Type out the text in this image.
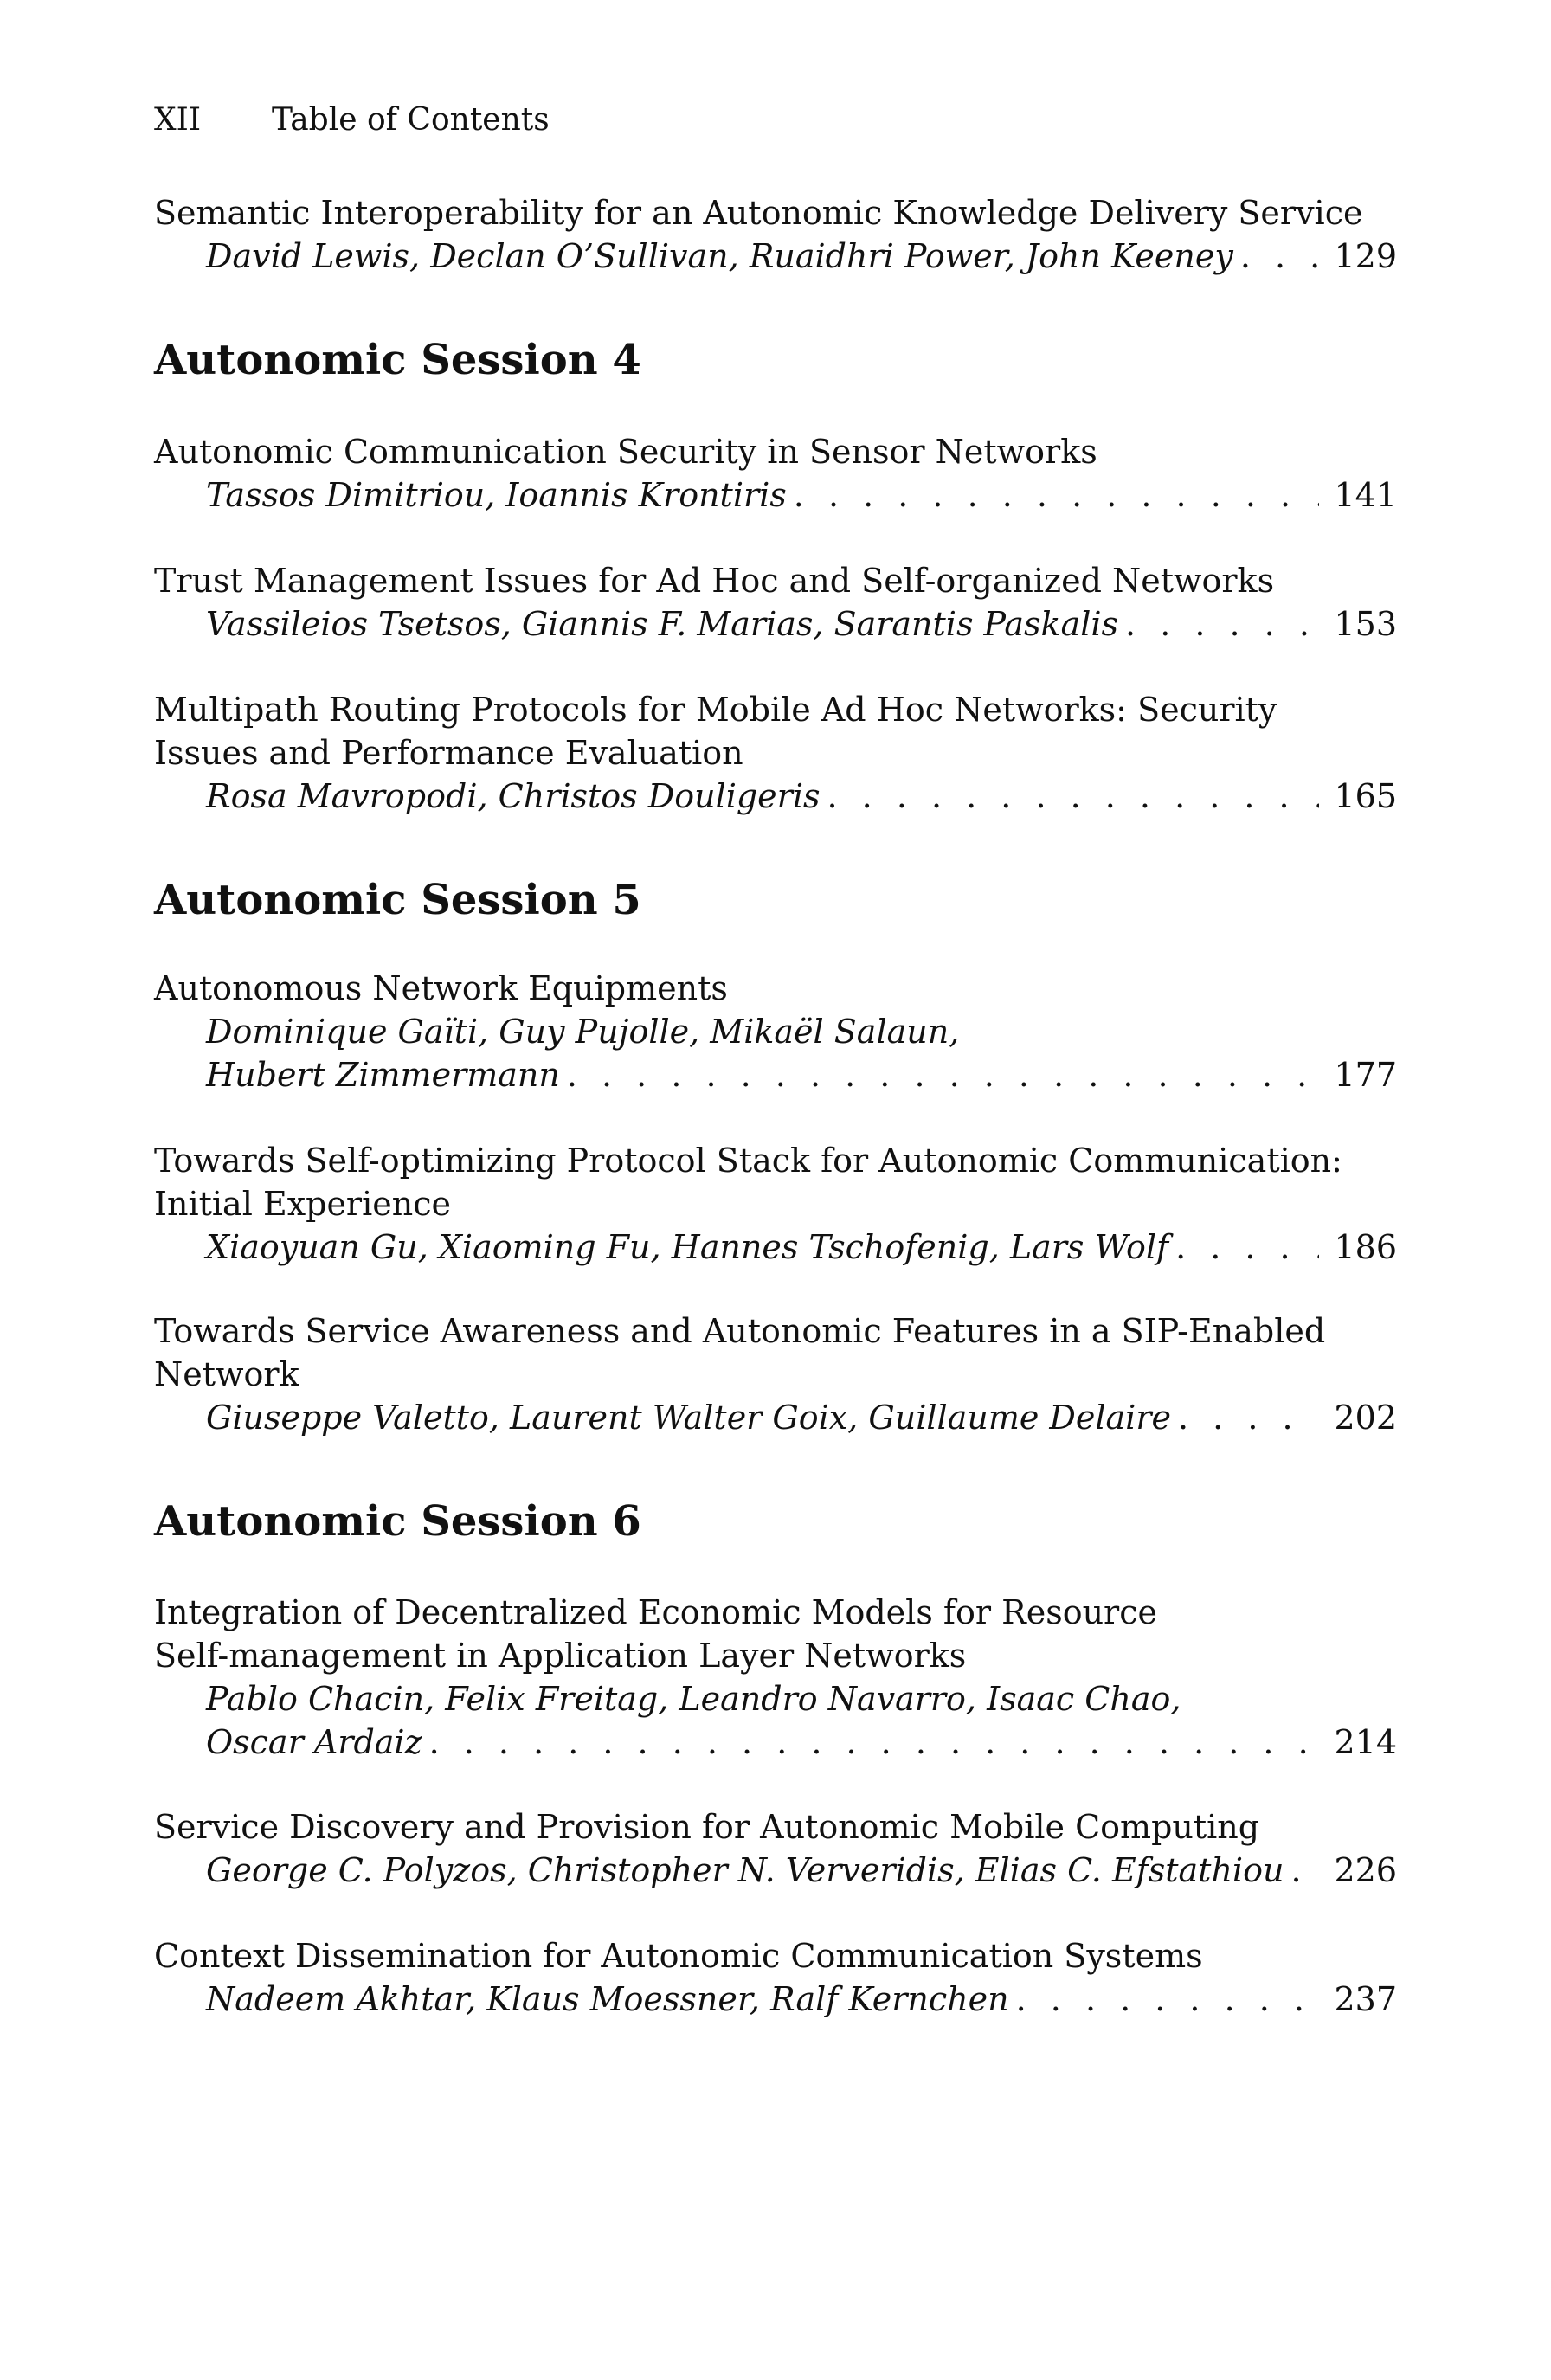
XII Table of Contents
Semantic Interoperability for an Autonomic Knowledge Delivery Service
David Lewis, Declan O’Sullivan, Ruaidhri Power, John Keeney . . .	129
Autonomic Session 4
Autonomic Communication Security in Sensor Networks
Tassos Dimitriou, Ioannis Krontiris . . .	141
Trust Management Issues for Ad Hoc and Self-organized Networks
Vassileios Tsetsos, Giannis F. Marias, Sarantis Paskalis . . .	153
Multipath Routing Protocols for Mobile Ad Hoc Networks: Security
Issues and Performance Evaluation
Rosa Mavropodi, Christos Douligeris . . .	165
Autonomic Session 5
Autonomous Network Equipments
Dominique Gaïti, Guy Pujolle, Mikaël Salaun,
Hubert Zimmermann . . .	177
Towards Self-optimizing Protocol Stack for Autonomic Communication:
Initial Experience
Xiaoyuan Gu, Xiaoming Fu, Hannes Tschofenig, Lars Wolf . . .	186
Towards Service Awareness and Autonomic Features in a SIP-Enabled
Network
Giuseppe Valetto, Laurent Walter Goix, Guillaume Delaire . . .	202
Autonomic Session 6
Integration of Decentralized Economic Models for Resource
Self-management in Application Layer Networks
Pablo Chacin, Felix Freitag, Leandro Navarro, Isaac Chao,
Oscar Ardaiz . . .	214
Service Discovery and Provision for Autonomic Mobile Computing
George C. Polyzos, Christopher N. Ververidis, Elias C. Efstathiou . . .	226
Context Dissemination for Autonomic Communication Systems
Nadeem Akhtar, Klaus Moessner, Ralf Kernchen . . .	237
